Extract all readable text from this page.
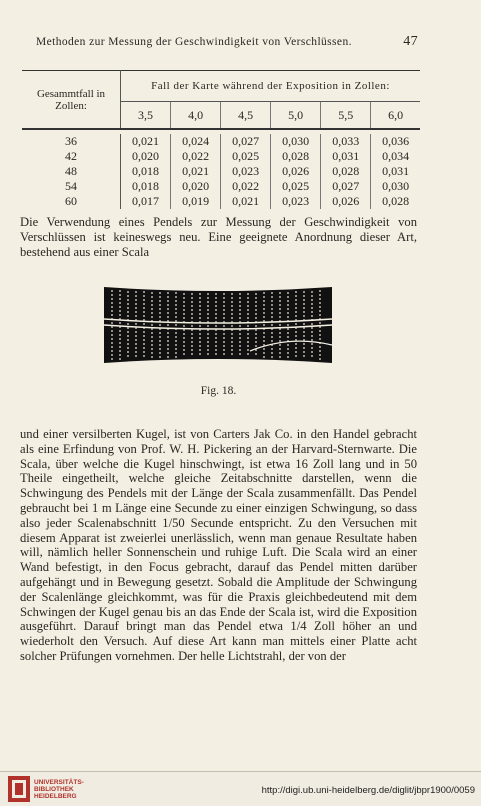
Methoden zur Messung der Geschwindigkeit von Verschlüssen.	47
Gesammtfall in Zollen:	Fall der Karte während der Exposition in Zollen:					
	3,5	4,0	4,5	5,0	5,5	6,0

36	0,021	0,024	0,027	0,030	0,033	0,036
42	0,020	0,022	0,025	0,028	0,031	0,034
48	0,018	0,021	0,023	0,026	0,028	0,031
54	0,018	0,020	0,022	0,025	0,027	0,030
60	0,017	0,019	0,021	0,023	0,026	0,028

Die Verwendung eines Pendels zur Messung der Geschwindigkeit von Verschlüssen ist keineswegs neu. Eine geeignete Anordnung dieser Art, bestehend aus einer Scala

Fig. 18.

und einer versilberten Kugel, ist von Carters Jak Co. in den Handel gebracht als eine Erfindung von Prof. W. H. Pickering an der Harvard-Sternwarte. Die Scala, über welche die Kugel hinschwingt, ist etwa 16 Zoll lang und in 50 Theile eingetheilt, welche gleiche Zeitabschnitte darstellen, wenn die Schwingung des Pendels mit der Länge der Scala zusammenfällt. Das Pendel gebraucht bei 1 m Länge eine Secunde zu einer einzigen Schwingung, so dass also jeder Scalenabschnitt 1/50 Secunde entspricht. Zu den Versuchen mit diesem Apparat ist zweierlei unerlässlich, wenn man genaue Resultate haben will, nämlich heller Sonnenschein und ruhige Luft. Die Scala wird an einer Wand befestigt, in den Focus gebracht, darauf das Pendel mitten darüber aufgehängt und in Bewegung gesetzt. Sobald die Amplitude der Schwingung der Scalenlänge gleichkommt, was für die Praxis gleichbedeutend mit dem Schwingen der Kugel genau bis an das Ende der Scala ist, wird die Exposition ausgeführt. Darauf bringt man das Pendel etwa 1/4 Zoll höher an und wiederholt den Versuch. Auf diese Art kann man mittels einer Platte acht solcher Prüfungen vornehmen. Der helle Lichtstrahl, der von der

UNIVERSITÄTS-
BIBLIOTHEK
HEIDELBERG
http://digi.ub.uni-heidelberg.de/diglit/jbpr1900/0059
